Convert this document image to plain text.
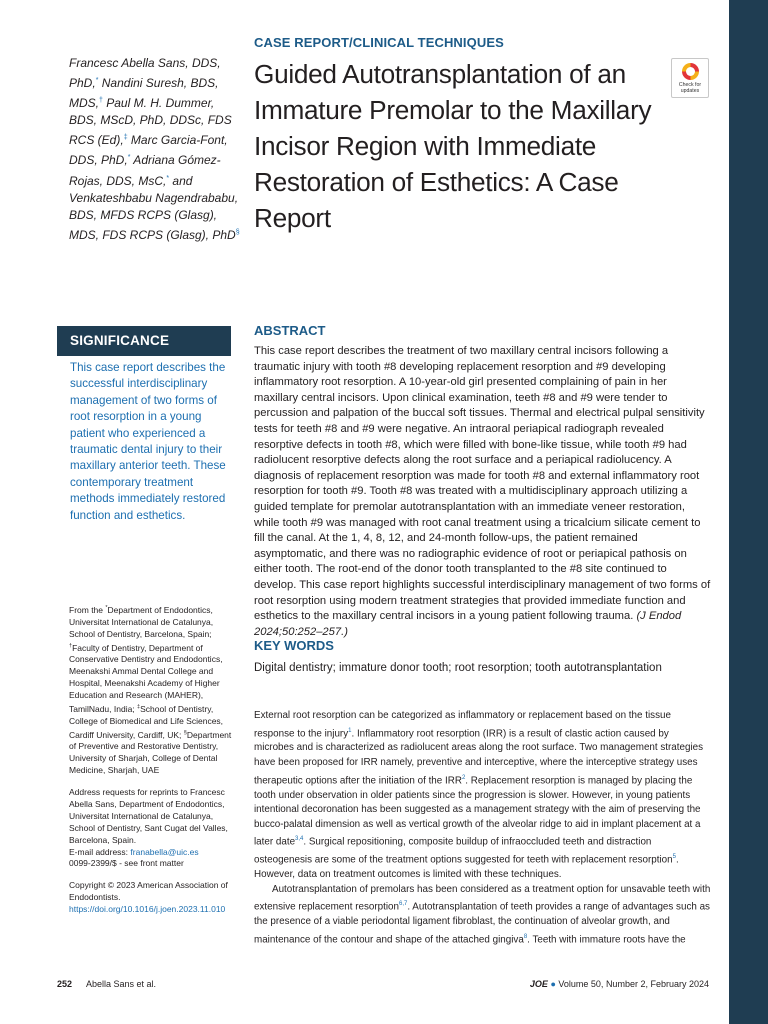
CASE REPORT/CLINICAL TECHNIQUES
Francesc Abella Sans, DDS, PhD,* Nandini Suresh, BDS, MDS,† Paul M. H. Dummer, BDS, MScD, PhD, DDSc, FDS RCS (Ed),‡ Marc Garcia-Font, DDS, PhD,* Adriana Gómez-Rojas, DDS, MsC,* and Venkateshbabu Nagendrababu, BDS, MFDS RCPS (Glasg), MDS, FDS RCPS (Glasg), PhD§
Guided Autotransplantation of an Immature Premolar to the Maxillary Incisor Region with Immediate Restoration of Esthetics: A Case Report
Check for updates
SIGNIFICANCE
This case report describes the successful interdisciplinary management of two forms of root resorption in a young patient who experienced a traumatic dental injury to their maxillary anterior teeth. These contemporary treatment methods immediately restored function and esthetics.
ABSTRACT
This case report describes the treatment of two maxillary central incisors following a traumatic injury with tooth #8 developing replacement resorption and #9 developing inflammatory root resorption. A 10-year-old girl presented complaining of pain in her maxillary central incisors. Upon clinical examination, teeth #8 and #9 were tender to percussion and palpation of the buccal soft tissues. Thermal and electrical pulpal sensitivity tests for teeth #8 and #9 were negative. An intraoral periapical radiograph revealed resorptive defects in tooth #8, which were filled with bone-like tissue, while tooth #9 had radiolucent resorptive defects along the root surface and a periapical radiolucency. A diagnosis of replacement resorption was made for tooth #8 and external inflammatory root resorption for tooth #9. Tooth #8 was treated with a multidisciplinary approach utilizing a guided template for premolar autotransplantation with an immediate veneer restoration, while tooth #9 was managed with root canal treatment using a tricalcium silicate cement to fill the canal. At the 1, 4, 8, 12, and 24-month follow-ups, the patient remained asymptomatic, and there was no radiographic evidence of root or periapical pathosis on either tooth. The root-end of the donor tooth transplanted to the #8 site continued to develop. This case report highlights successful interdisciplinary management of two forms of root resorption using modern treatment strategies that provided immediate function and esthetics to the maxillary central incisors in a young patient following trauma. (J Endod 2024;50:252–257.)
KEY WORDS
Digital dentistry; immature donor tooth; root resorption; tooth autotransplantation

From the *Department of Endodontics, Universitat International de Catalunya, School of Dentistry, Barcelona, Spain; †Faculty of Dentistry, Department of Conservative Dentistry and Endodontics, Meenakshi Ammal Dental College and Hospital, Meenakshi Academy of Higher Education and Research (MAHER), TamilNadu, India; ‡School of Dentistry, College of Biomedical and Life Sciences, Cardiff University, Cardiff, UK; §Department of Preventive and Restorative Dentistry, University of Sharjah, College of Dental Medicine, Sharjah, UAE

Address requests for reprints to Francesc Abella Sans, Department of Endodontics, Universitat International de Catalunya, School of Dentistry, Sant Cugat del Valles, Barcelona, Spain.
E-mail address: franabella@uic.es
0099-2399/$ - see front matter

Copyright © 2023 American Association of Endodontists.
https://doi.org/10.1016/j.joen.2023.11.010

External root resorption can be categorized as inflammatory or replacement based on the tissue response to the injury$^1$. Inflammatory root resorption (IRR) is a result of clastic action caused by microbes and is characterized as radiolucent areas along the root surface. Two management strategies have been proposed for IRR namely, preventive and interceptive, where the interceptive strategy uses therapeutic options after the initiation of the IRR$^2$. Replacement resorption is managed by placing the tooth under observation in older patients since the progression is slower. However, in young patients intentional decoronation has been suggested as a management strategy with the aim of preserving the bucco-palatal dimension as well as vertical growth of the alveolar ridge to aid in implant placement at a later date$^{3,4}$. Surgical repositioning, composite buildup of infraoccluded teeth and distraction osteogenesis are some of the treatment options suggested for teeth with replacement resorption$^5$. However, data on treatment outcomes is limited with these techniques.

Autotransplantation of premolars has been considered as a treatment option for unsavable teeth with extensive replacement resorption$^{6,7}$. Autotransplantation of teeth provides a range of advantages such as the presence of a viable periodontal ligament fibroblast, the continuation of alveolar growth, and maintenance of the contour and shape of the attached gingiva$^8$. Teeth with immature roots have the

252 Abella Sans et al.	JOE ● Volume 50, Number 2, February 2024
